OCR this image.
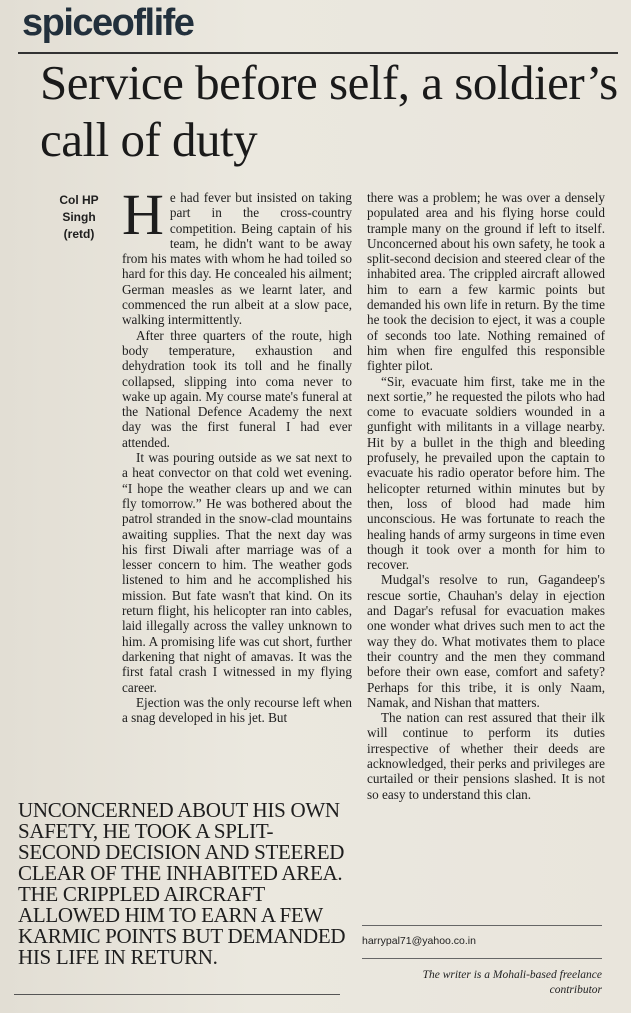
spiceoflife
Service before self, a soldier’s call of duty
Col HP
Singh
(retd) He had fever but insisted on taking part in the cross-country competition. Being captain of his team, he didn't want to be away from his mates with whom he had toiled so hard for this day. He concealed his ailment; German measles as we learnt later, and commenced the run albeit at a slow pace, walking intermittently.

After three quarters of the route, high body temperature, exhaustion and dehydration took its toll and he finally collapsed, slipping into coma never to wake up again. My course mate's funeral at the National Defence Academy the next day was the first funeral I had ever attended.

It was pouring outside as we sat next to a heat convector on that cold wet evening. “I hope the weather clears up and we can fly tomorrow.” He was bothered about the patrol stranded in the snow-clad mountains awaiting supplies. That the next day was his first Diwali after marriage was of a lesser concern to him. The weather gods listened to him and he accomplished his mission. But fate wasn't that kind. On its return flight, his helicopter ran into cables, laid illegally across the valley unknown to him. A promising life was cut short, further darkening that night of amavas. It was the first fatal crash I witnessed in my flying career.

Ejection was the only recourse left when a snag developed in his jet. But

there was a problem; he was over a densely populated area and his flying horse could trample many on the ground if left to itself. Unconcerned about his own safety, he took a split-second decision and steered clear of the inhabited area. The crippled aircraft allowed him to earn a few karmic points but demanded his own life in return. By the time he took the decision to eject, it was a couple of seconds too late. Nothing remained of him when fire engulfed this responsible fighter pilot.

“Sir, evacuate him first, take me in the next sortie,” he requested the pilots who had come to evacuate soldiers wounded in a gunfight with militants in a village nearby. Hit by a bullet in the thigh and bleeding profusely, he prevailed upon the captain to evacuate his radio operator before him. The helicopter returned within minutes but by then, loss of blood had made him unconscious. He was fortunate to reach the healing hands of army surgeons in time even though it took over a month for him to recover.

Mudgal's resolve to run, Gagandeep's rescue sortie, Chauhan's delay in ejection and Dagar's refusal for evacuation makes one wonder what drives such men to act the way they do. What motivates them to place their country and the men they command before their own ease, comfort and safety? Perhaps for this tribe, it is only Naam, Namak, and Nishan that matters.

The nation can rest assured that their ilk will continue to perform its duties irrespective of whether their deeds are acknowledged, their perks and privileges are curtailed or their pensions slashed. It is not so easy to understand this clan.

UNCONCERNED ABOUT HIS OWN SAFETY, HE TOOK A SPLIT-SECOND DECISION AND STEERED CLEAR OF THE INHABITED AREA. THE CRIPPLED AIRCRAFT ALLOWED HIM TO EARN A FEW KARMIC POINTS BUT DEMANDED HIS LIFE IN RETURN.

harrypal71@yahoo.co.in
The writer is a Mohali-based freelance contributor
